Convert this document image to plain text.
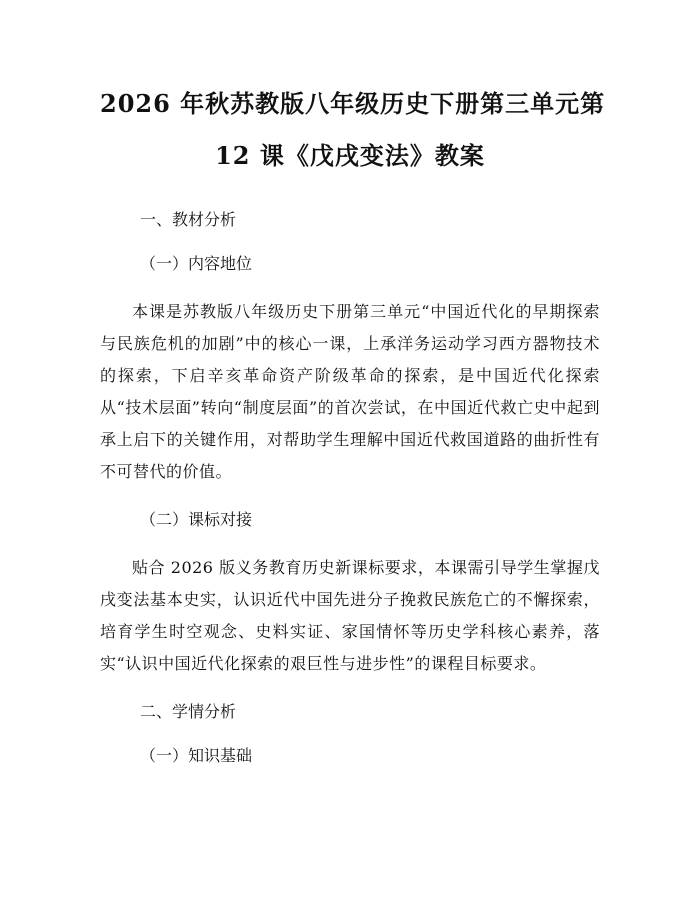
2026 年秋苏教版八年级历史下册第三单元第
12 课《戊戌变法》教案

一、教材分析

（一）内容地位

本课是苏教版八年级历史下册第三单元“中国近代化的早期探索与民族危机的加剧”中的核心一课，上承洋务运动学习西方器物技术的探索，下启辛亥革命资产阶级革命的探索，是中国近代化探索从“技术层面”转向“制度层面”的首次尝试，在中国近代救亡史中起到承上启下的关键作用，对帮助学生理解中国近代救国道路的曲折性有不可替代的价值。

（二）课标对接

贴合 2026 版义务教育历史新课标要求，本课需引导学生掌握戊戌变法基本史实，认识近代中国先进分子挽救民族危亡的不懈探索，培育学生时空观念、史料实证、家国情怀等历史学科核心素养，落实“认识中国近代化探索的艰巨性与进步性”的课程目标要求。

二、学情分析

（一）知识基础
